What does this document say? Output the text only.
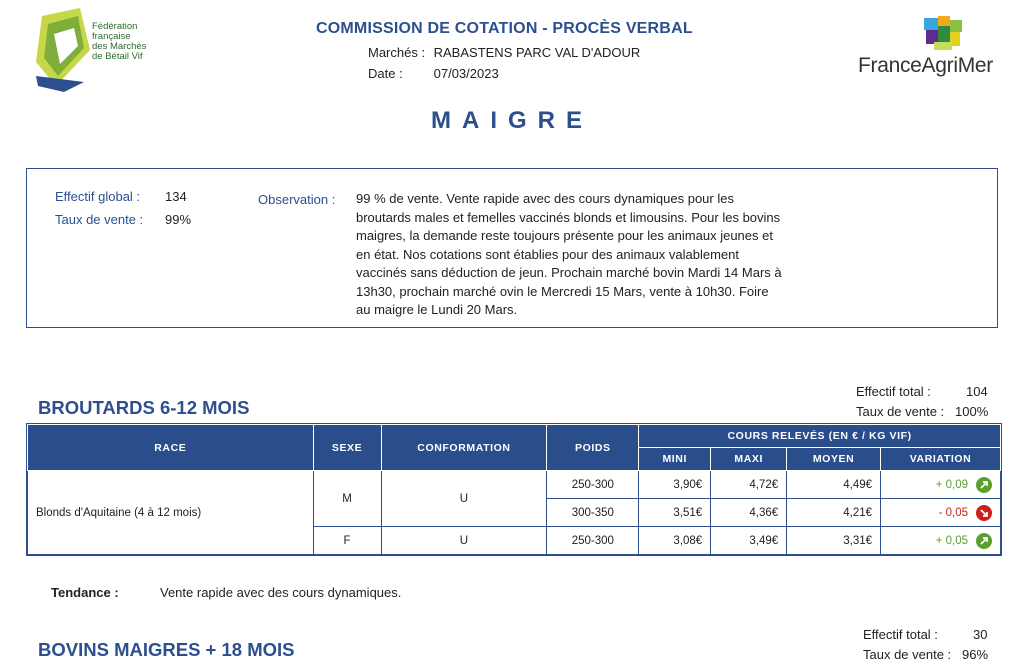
Fédération
française
des Marchés
de Bétail Vif
COMMISSION DE COTATION - PROCÈS VERBAL
Marchés : RABASTENS PARC VAL D'ADOUR
Date : 07/03/2023	FranceAgriMer
MAIGRE
Effectif global : 134
Taux de vente : 99%
Observation : 99 % de vente. Vente rapide avec des cours dynamiques pour les broutards males et femelles vaccinés blonds et limousins. Pour les bovins maigres, la demande reste toujours présente pour les animaux jeunes et en état. Nos cotations sont établies pour des animaux valablement vaccinés sans déduction de jeun. Prochain marché bovin Mardi 14 Mars à 13h30, prochain marché ovin le Mercredi 15 Mars, vente à 10h30. Foire au maigre le Lundi 20 Mars.
BROUTARDS 6-12 MOIS
Effectif total :	104
Taux de vente : 100%
RACE	SEXE	CONFORMATION	POIDS	COURS RELEVÉS (EN € / KG VIF)			
				MINI	MAXI	MOYEN	VARIATION
Blonds d'Aquitaine (4 à 12 mois)	M	U	250-300	3,90€	4,72€	4,49€	+ 0,09

			300-350	3,51€	4,36€	4,21€	- 0,05

	F	U	250-300	3,08€	3,49€	3,31€	+ 0,05
Tendance :	Vente rapide avec des cours dynamiques.
BOVINS MAIGRES + 18 MOIS
Effectif total :	30
Taux de vente : 96%
